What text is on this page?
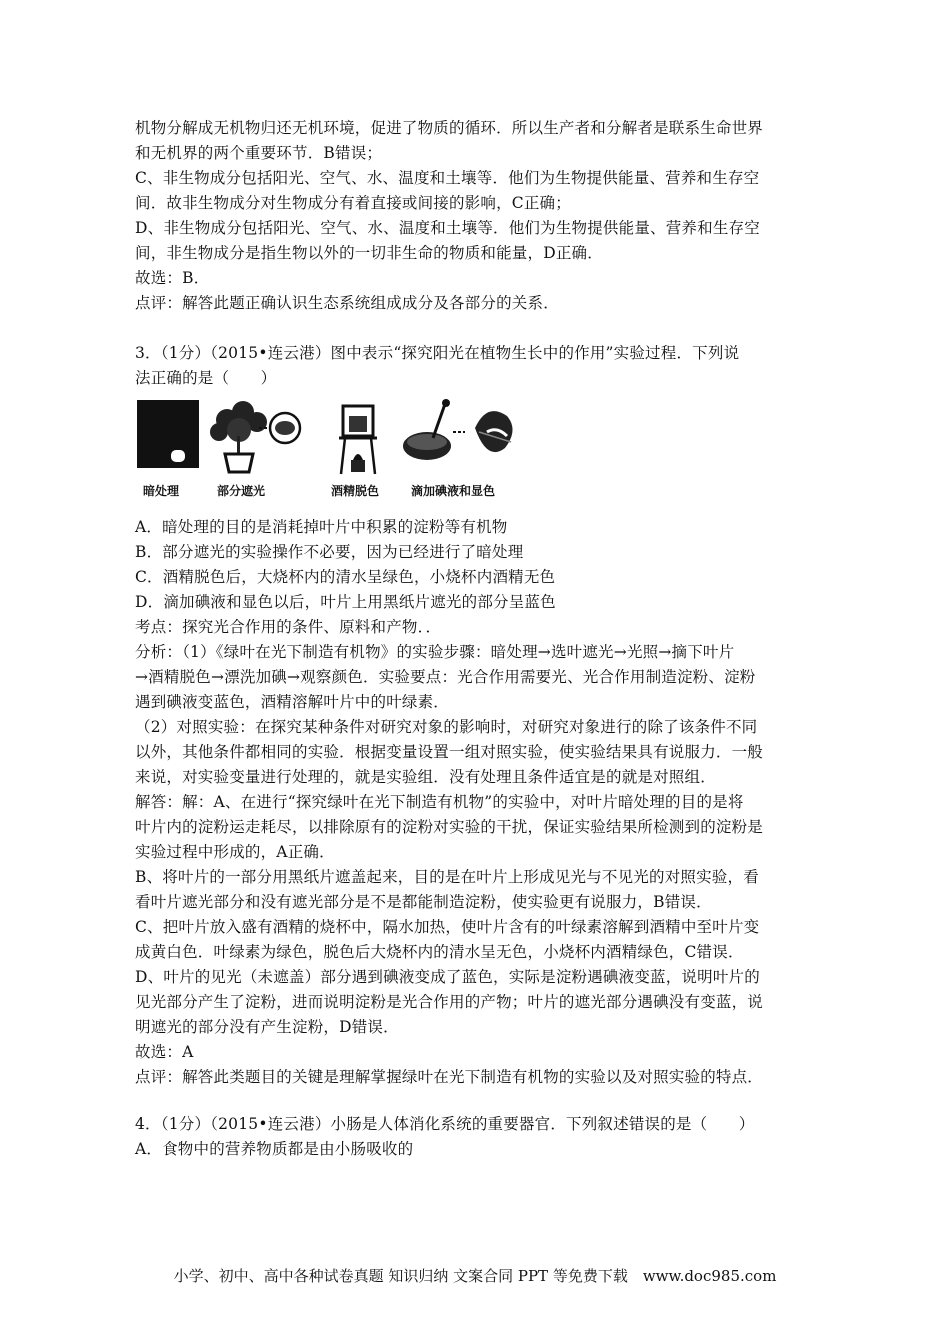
机物分解成无机物归还无机环境，促进了物质的循环．所以生产者和分解者是联系生命世界
和无机界的两个重要环节．B错误；
C、非生物成分包括阳光、空气、水、温度和土壤等．他们为生物提供能量、营养和生存空
间．故非生物成分对生物成分有着直接或间接的影响，C正确；
D、非生物成分包括阳光、空气、水、温度和土壤等．他们为生物提供能量、营养和生存空
间，非生物成分是指生物以外的一切非生命的物质和能量，D正确．
故选：B．
点评：解答此题正确认识生态系统组成成分及各部分的关系．
3．（1分）（2015•连云港）图中表示“探究阳光在植物生长中的作用”实验过程．下列说
法正确的是（　　）
暗处理	部分遮光	酒精脱色	滴加碘液和显色
A．暗处理的目的是消耗掉叶片中积累的淀粉等有机物
B．部分遮光的实验操作不必要，因为已经进行了暗处理
C．酒精脱色后，大烧杯内的清水呈绿色，小烧杯内酒精无色
D．滴加碘液和显色以后，叶片上用黑纸片遮光的部分呈蓝色
考点：探究光合作用的条件、原料和产物．．
分析：（1）《绿叶在光下制造有机物》的实验步骤：暗处理→选叶遮光→光照→摘下叶片
→酒精脱色→漂洗加碘→观察颜色．实验要点：光合作用需要光、光合作用制造淀粉、淀粉
遇到碘液变蓝色，酒精溶解叶片中的叶绿素．
（2）对照实验：在探究某种条件对研究对象的影响时，对研究对象进行的除了该条件不同
以外，其他条件都相同的实验．根据变量设置一组对照实验，使实验结果具有说服力．一般
来说，对实验变量进行处理的，就是实验组．没有处理且条件适宜是的就是对照组．
解答：解：A、在进行“探究绿叶在光下制造有机物”的实验中，对叶片暗处理的目的是将
叶片内的淀粉运走耗尽，以排除原有的淀粉对实验的干扰，保证实验结果所检测到的淀粉是
实验过程中形成的，A正确．
B、将叶片的一部分用黑纸片遮盖起来，目的是在叶片上形成见光与不见光的对照实验，看
看叶片遮光部分和没有遮光部分是不是都能制造淀粉，使实验更有说服力，B错误．
C、把叶片放入盛有酒精的烧杯中，隔水加热，使叶片含有的叶绿素溶解到酒精中至叶片变
成黄白色．叶绿素为绿色，脱色后大烧杯内的清水呈无色，小烧杯内酒精绿色，C错误．
D、叶片的见光（未遮盖）部分遇到碘液变成了蓝色，实际是淀粉遇碘液变蓝，说明叶片的
见光部分产生了淀粉，进而说明淀粉是光合作用的产物；叶片的遮光部分遇碘没有变蓝，说
明遮光的部分没有产生淀粉，D错误．
故选：A
点评：解答此类题目的关键是理解掌握绿叶在光下制造有机物的实验以及对照实验的特点．
4．（1分）（2015•连云港）小肠是人体消化系统的重要器官．下列叙述错误的是（　　）
A．食物中的营养物质都是由小肠吸收的
小学、初中、高中各种试卷真题 知识归纳 文案合同 PPT 等免费下载　www.doc985.com
